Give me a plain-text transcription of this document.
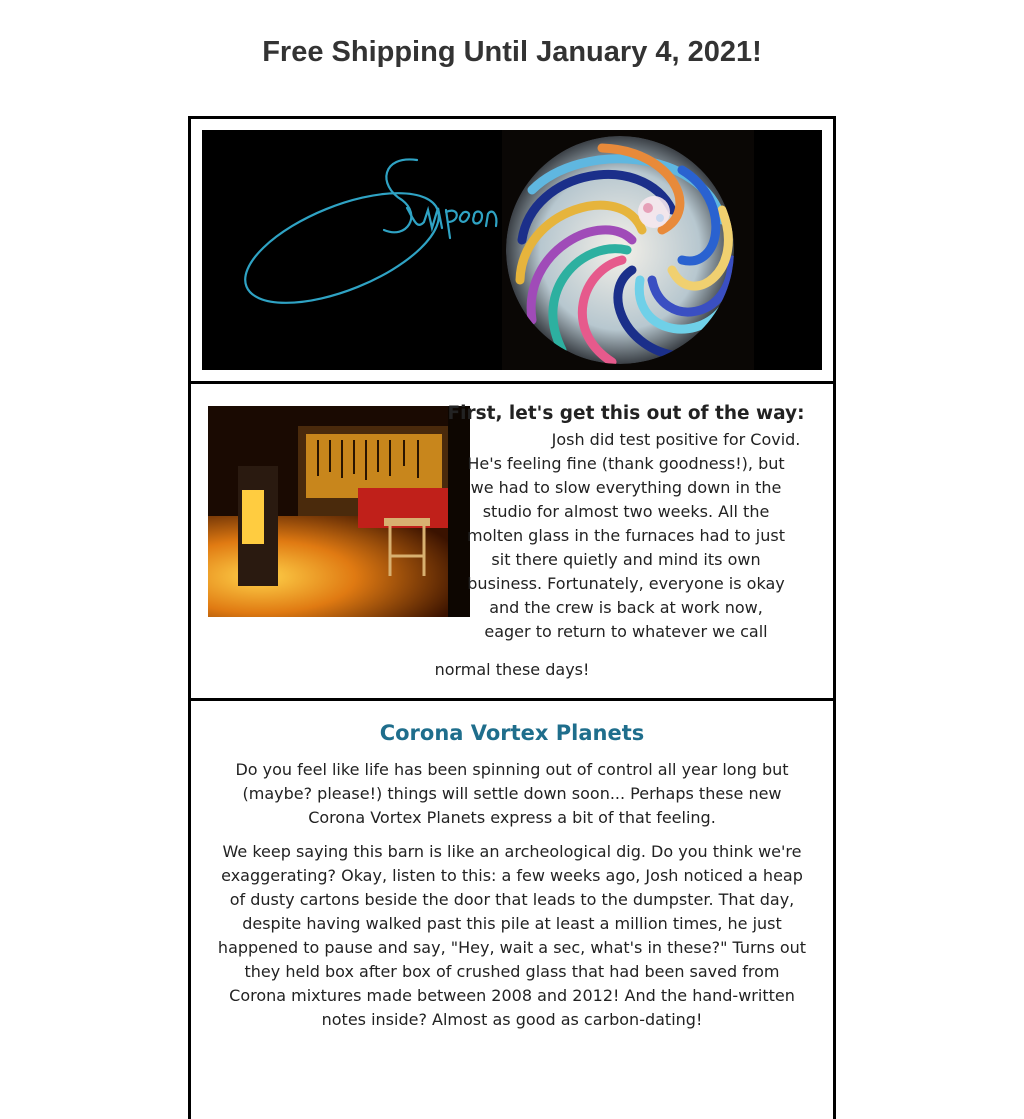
Free Shipping Until January 4, 2021!
First, let's get this out of the way:
Josh did test positive for Covid.
He's feeling fine (thank goodness!), but
we had to slow everything down in the
studio for almost two weeks. All the
molten glass in the furnaces had to just
sit there quietly and mind its own
business. Fortunately, everyone is okay
and the crew is back at work now,
eager to return to whatever we call
normal these days!
Corona Vortex Planets
Do you feel like life has been spinning out of control all year long but
(maybe? please!) things will settle down soon... Perhaps these new
Corona Vortex Planets express a bit of that feeling.
We keep saying this barn is like an archeological dig. Do you think we're
exaggerating? Okay, listen to this: a few weeks ago, Josh noticed a heap
of dusty cartons beside the door that leads to the dumpster. That day,
despite having walked past this pile at least a million times, he just
happened to pause and say, "Hey, wait a sec, what's in these?" Turns out
they held box after box of crushed glass that had been saved from
Corona mixtures made between 2008 and 2012! And the hand-written
notes inside? Almost as good as carbon-dating!
